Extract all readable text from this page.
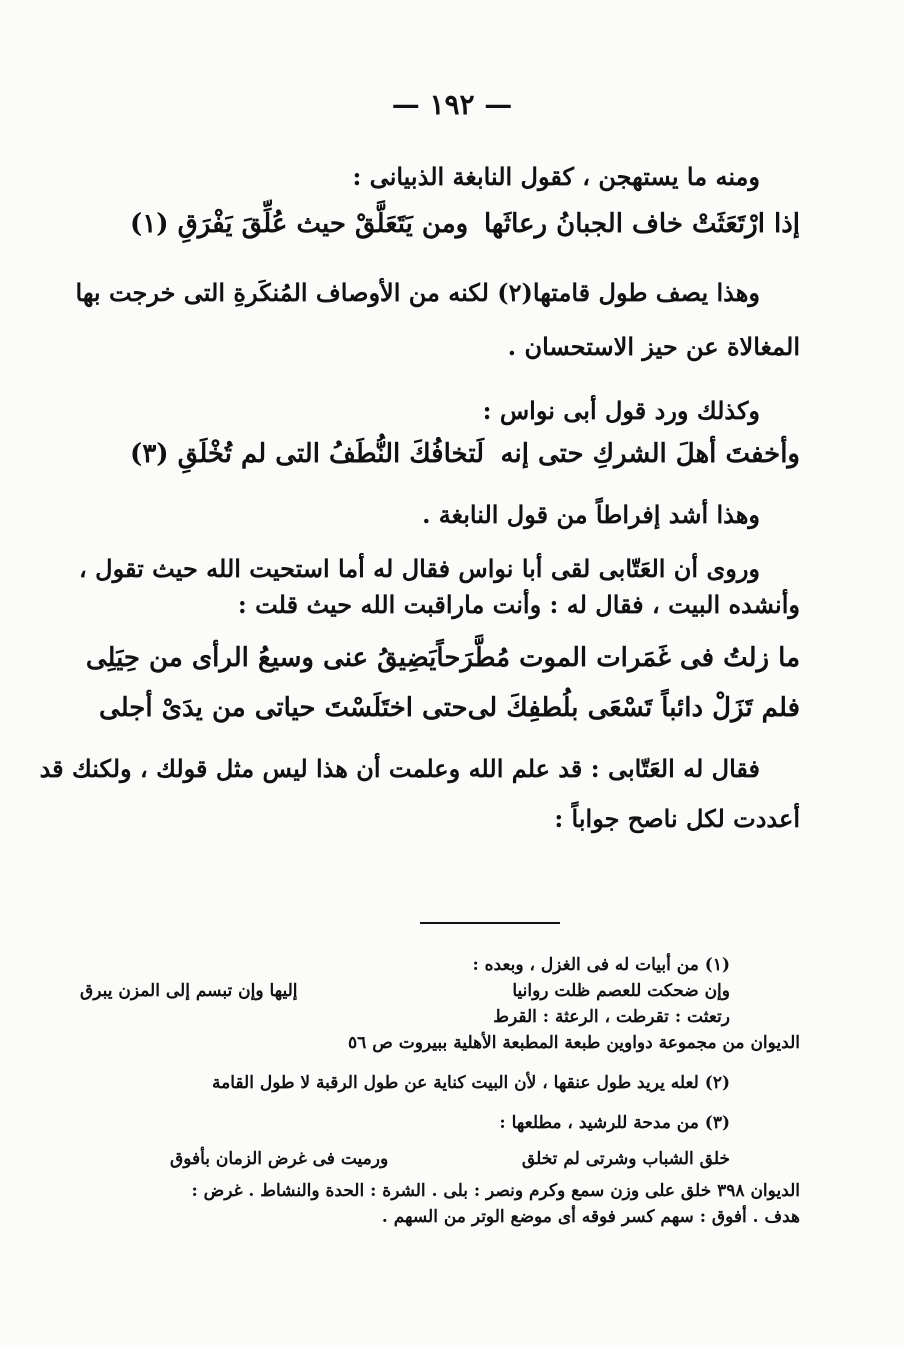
— ١٩٢ —
ومنه ما يستهجن ، كقول النابغة الذبيانى :
إذا ارْتَعَثَتْ خاف الجبانُ رعاثَها
ومن يَتَعَلَّقْ حيث عُلِّقَ يَفْرَقِ (١)
وهذا يصف طول قامتها(٢) لكنه من الأوصاف المُنكَرةِ التى خرجت بها
المغالاة عن حيز الاستحسان .
وكذلك ورد قول أبى نواس :
وأخفتَ أهلَ الشركِ حتى إنه
لَتخافُكَ النُّطَفُ التى لم تُخْلَقِ (٣)
وهذا أشد إفراطاً من قول النابغة .
وروى أن العَتّابى لقى أبا نواس فقال له أما استحيت الله حيث تقول ،
وأنشده البيت ، فقال له : وأنت ماراقبت الله حيث قلت :
ما زلتُ فى غَمَرات الموت مُطَّرَحاً
يَضِيقُ عنى وسيعُ الرأى من حِيَلِى
فلم تَزَلْ دائباً تَسْعَى بلُطفِكَ لى
حتى اختَلَسْتَ حياتى من يدَىْ أجلى
فقال له العَتّابى : قد علم الله وعلمت أن هذا ليس مثل قولك ، ولكنك قد
أعددت لكل ناصح جواباً :
(١) من أبيات له فى الغزل ، وبعده :
وإن ضحكت للعصم ظلت روانيا
إليها وإن تبسم إلى المزن يبرق
رتعثت : تقرطت ، الرعثة : القرط
الديوان من مجموعة دواوين طبعة المطبعة الأهلية ببيروت ص ٥٦
(٢) لعله يريد طول عنقها ، لأن البيت كناية عن طول الرقبة لا طول القامة
(٣) من مدحة للرشيد ، مطلعها :
خلق الشباب وشرتى لم تخلق
ورميت فى غرض الزمان بأفوق
الديوان ٣٩٨ خلق على وزن سمع وكرم ونصر : بلى . الشرة : الحدة والنشاط . غرض :
هدف . أفوق : سهم كسر فوقه أى موضع الوتر من السهم .
